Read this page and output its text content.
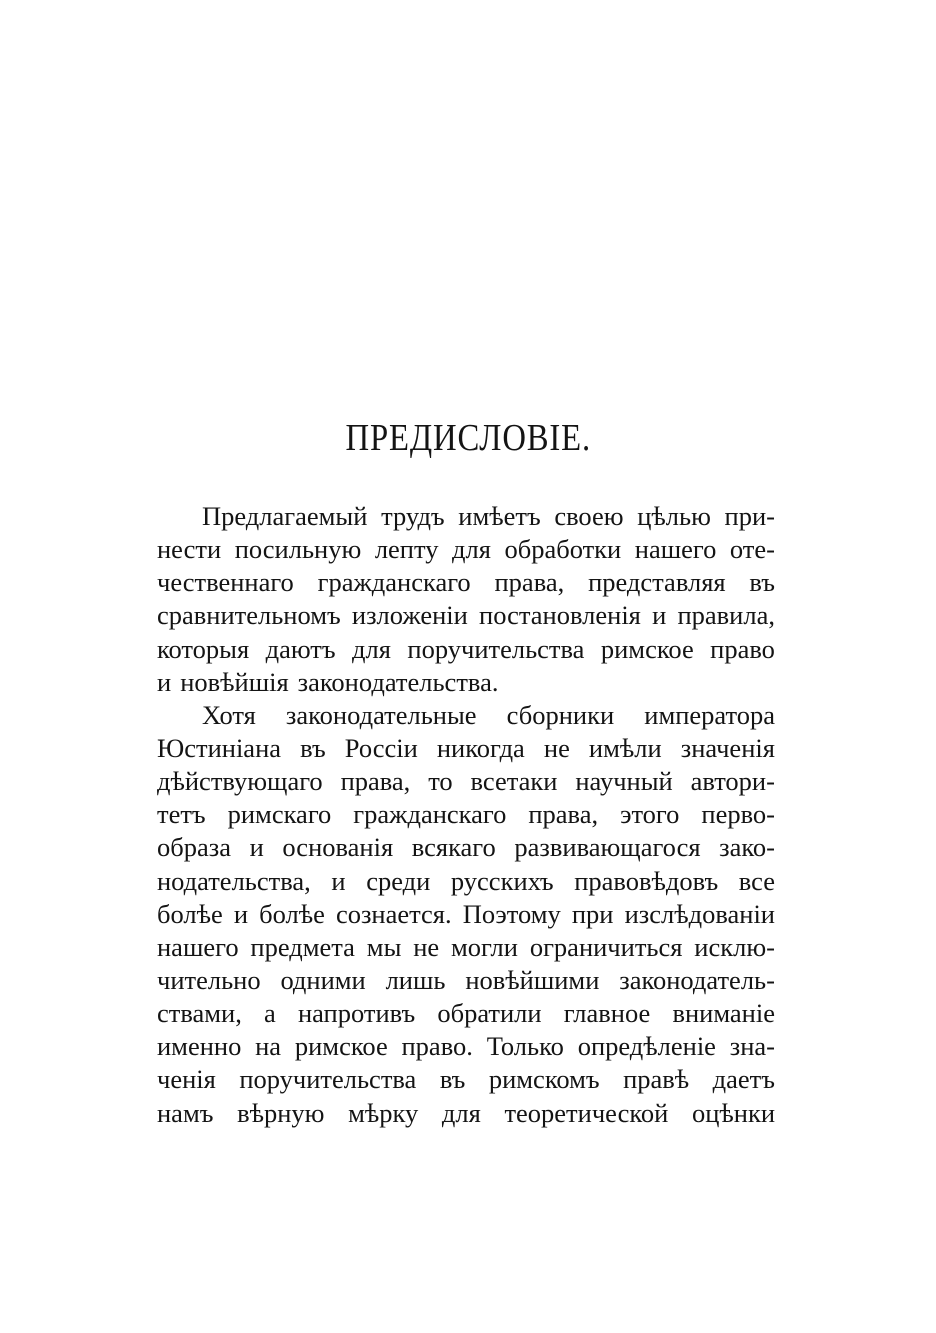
ПРЕДИСЛОВІЕ.
Предлагаемый трудъ имѣетъ своею цѣлью при-
нести посильную лепту для обработки нашего оте-
чественнаго гражданскаго права, представляя въ
сравнительномъ изложеніи постановленія и правила,
которыя даютъ для поручительства римское право
и новѣйшія законодательства.
Хотя законодательные сборники императора
Юстиніана въ Россіи никогда не имѣли значенія
дѣйствующаго права, то всетаки научный автори-
тетъ римскаго гражданскаго права, этого перво-
образа и основанія всякаго развивающагося зако-
нодательства, и среди русскихъ правовѣдовъ все
болѣе и болѣе сознается. Поэтому при изслѣдованіи
нашего предмета мы не могли ограничиться исклю-
чительно одними лишь новѣйшими законодатель-
ствами, а напротивъ обратили главное вниманіе
именно на римское право. Только опредѣленіе зна-
ченія поручительства въ римскомъ правѣ даетъ
намъ вѣрную мѣрку для теоретической оцѣнки
